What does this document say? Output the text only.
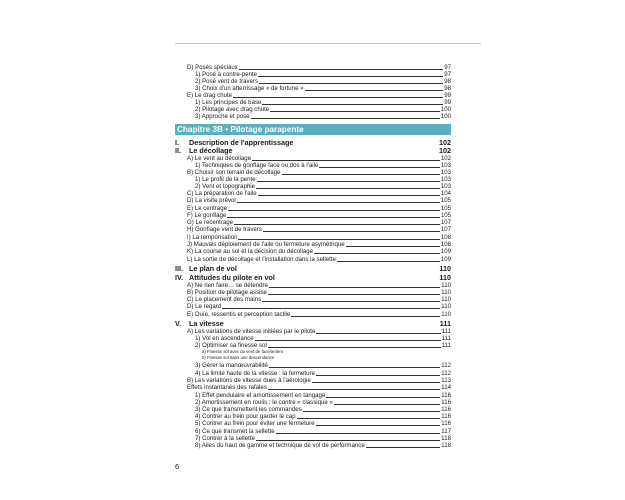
Chapitre 3B • Pilotage parapente
D) Posés spéciaux	97
1) Posé à contre-pente	97
2) Posé vent de travers	98
3) Choix d'un atterrissage « de fortune »	98
E) Le drag chute	99
1) Les principes de base	99
2) Pilotage avec drag chute	100
3) Approche et posé	100
I.	Description de l'apprentissage	102
II.	Le décollage	102
A) Le vent au décollage	102
1) Techniques de gonflage face ou dos à l'aile	103
B) Choisir son terrain de décollage	103
1) Le profil de la pente	103
2) Vent et topographie	103
C) La préparation de l'aile	104
D) La visite prévol	105
E) Le centrage	105
F) Le gonflage	105
G) Le recentrage	107
H) Gonflage vent de travers	107
I) La temporisation	108
J) Mauvais déploiement de l'aile ou fermeture asymétrique	108
K) La course au sol et la décision du décollage	109
L) La sortie de décollage et l'installation dans la sellette	109
III. Le plan de vol	110
IV. Attitudes du pilote en vol	110
A) Ne rien faire… se détendre	110
B) Position de pilotage assise	110
C) Le placement des mains	110
D) Le regard	110
E) Ouïe, ressentis et perception tactile	110
V.	La vitesse	111
A) Les variations de vitesse initiées par le pilote	111
1) Vol en ascendance	111
2) Optimiser sa finesse sol	111
a) Finesse sol avec du vent de face/arrière
b) Finesse sol dans une descendance
3) Gérer la manœuvrabilité	112
4) La limite haute de la vitesse : la fermeture	112
B) Les variations de vitesse dues à l'aérologie	113
Effets instantanés des rafales	114
1) Effet pendulaire et amortissement en tangage	116
2) Amortissement en roulis : le contre « classique »	116
3) Ce que transmettent les commandes	116
4) Contrer au frein pour garder le cap	116
5) Contrer au frein pour éviter une fermeture	116
6) Ce que transmet la sellette	117
7) Contrer à la sellette	118
8) Ailes du haut de gamme et technique de vol de performance	118
6
